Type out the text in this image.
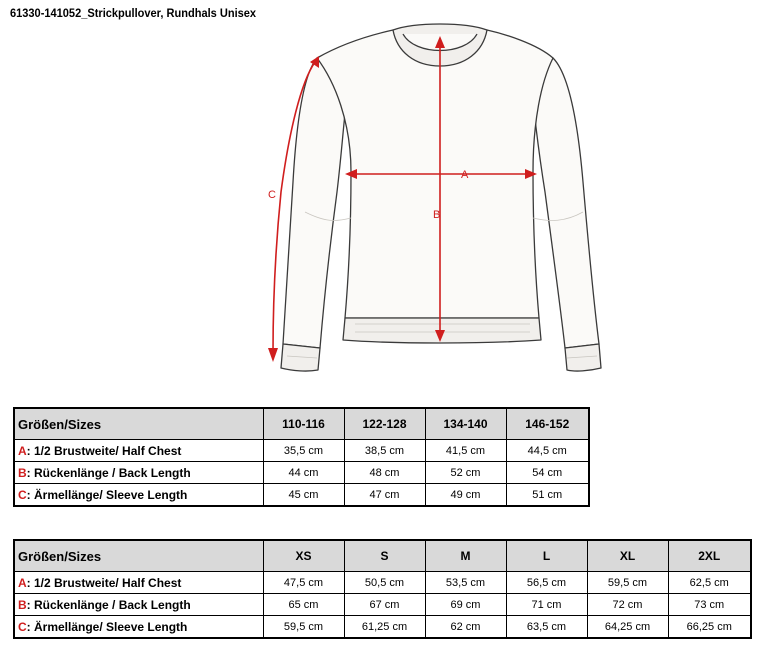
61330-141052_Strickpullover, Rundhals Unisex
A
B
C
Größen/Sizes	110-116	122-128	134-140	146-152
A: 1/2 Brustweite/ Half Chest	35,5 cm	38,5 cm	41,5 cm	44,5 cm
B: Rückenlänge / Back Length	44 cm	48 cm	52 cm	54 cm
C: Ärmellänge/ Sleeve Length	45 cm	47 cm	49 cm	51 cm
Größen/Sizes	XS	S	M	L	XL	2XL
A: 1/2 Brustweite/ Half Chest	47,5 cm	50,5 cm	53,5 cm	56,5 cm	59,5 cm	62,5 cm
B: Rückenlänge / Back Length	65 cm	67 cm	69 cm	71 cm	72 cm	73 cm
C: Ärmellänge/ Sleeve Length	59,5 cm	61,25 cm	62 cm	63,5 cm	64,25 cm	66,25 cm
